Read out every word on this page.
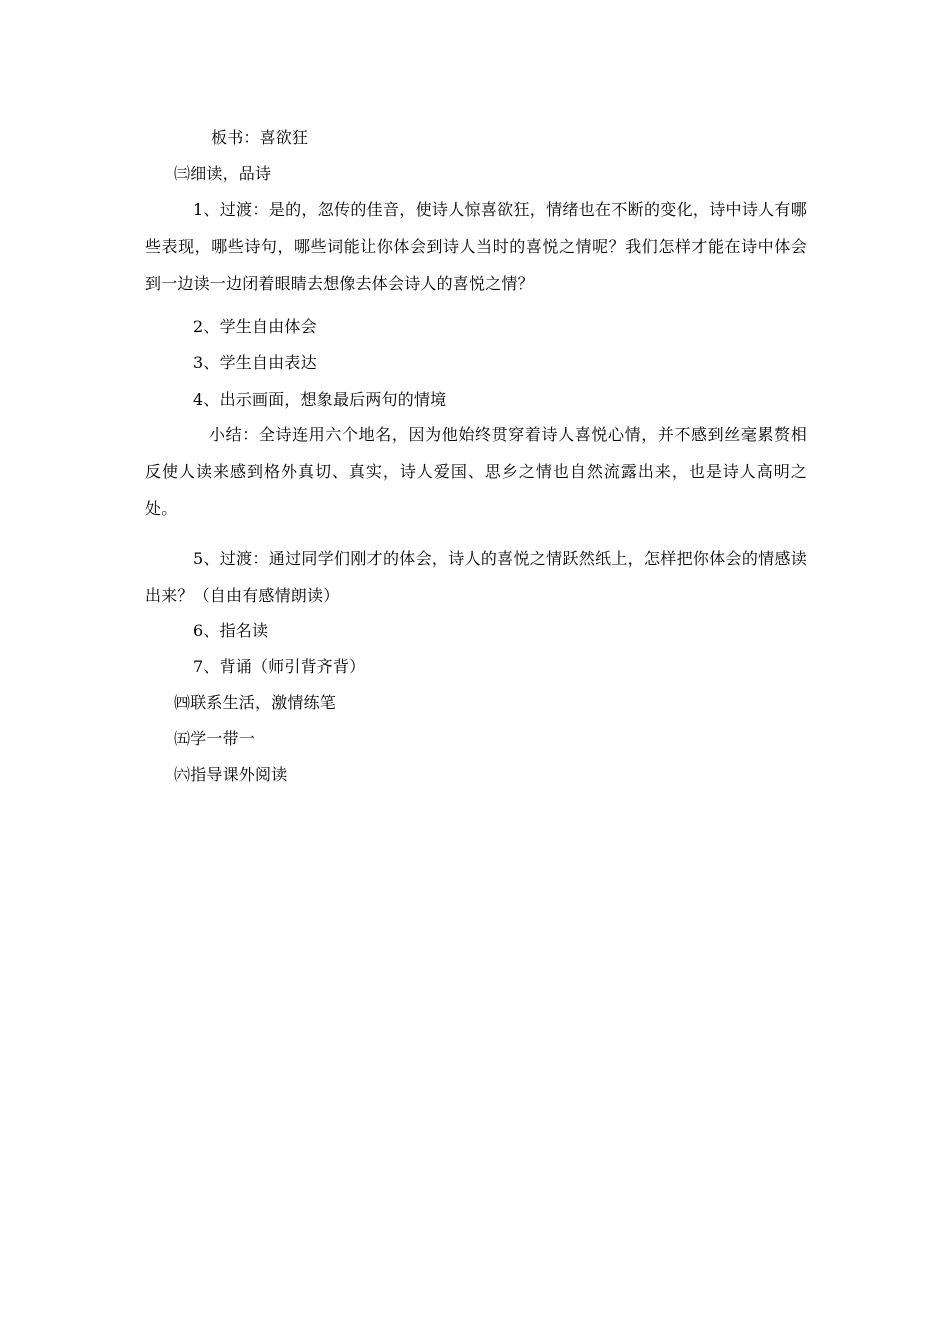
板书：喜欲狂
㈢细读，品诗
1、过渡：是的，忽传的佳音，使诗人惊喜欲狂，情绪也在不断的变化，诗中诗人有哪些表现，哪些诗句，哪些词能让你体会到诗人当时的喜悦之情呢？我们怎样才能在诗中体会到一边读一边闭着眼睛去想像去体会诗人的喜悦之情？
2、学生自由体会
3、学生自由表达
4、出示画面，想象最后两句的情境
小结：全诗连用六个地名，因为他始终贯穿着诗人喜悦心情，并不感到丝毫累赘相反使人读来感到格外真切、真实，诗人爱国、思乡之情也自然流露出来，也是诗人高明之处。
5、过渡：通过同学们刚才的体会，诗人的喜悦之情跃然纸上，怎样把你体会的情感读出来？（自由有感情朗读）
6、指名读
7、背诵（师引背齐背）
㈣联系生活，激情练笔
㈤学一带一
㈥指导课外阅读
